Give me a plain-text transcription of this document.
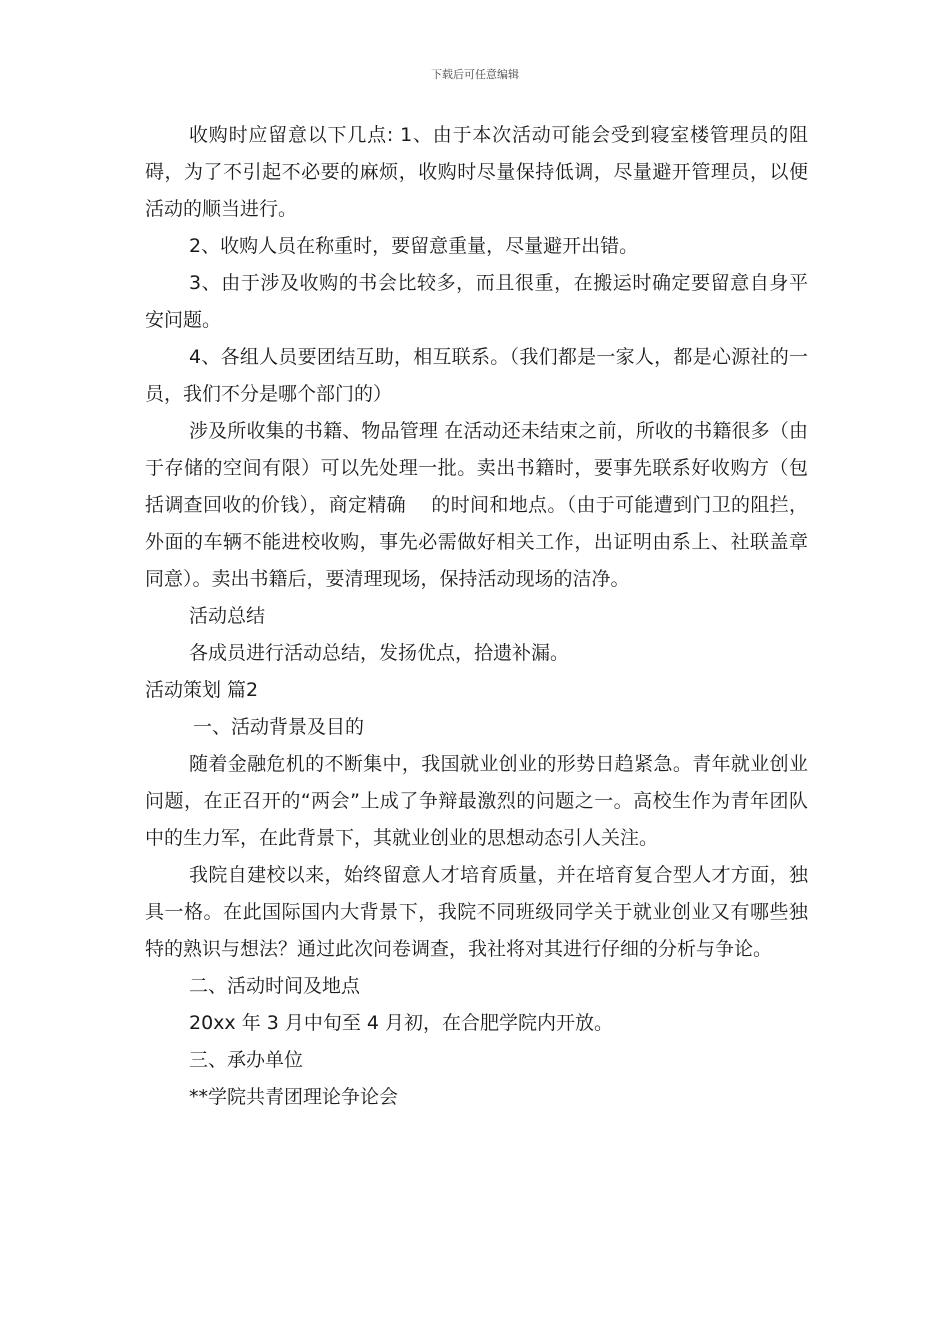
下载后可任意编辑

收购时应留意以下几点: 1、由于本次活动可能会受到寝室楼管理员的阻碍，为了不引起不必要的麻烦，收购时尽量保持低调，尽量避开管理员，以便活动的顺当进行。

2、收购人员在称重时，要留意重量，尽量避开出错。

3、由于涉及收购的书会比较多，而且很重，在搬运时确定要留意自身平安问题。

4、各组人员要团结互助，相互联系。（我们都是一家人，都是心源社的一员，我们不分是哪个部门的）

涉及所收集的书籍、物品管理 在活动还未结束之前，所收的书籍很多（由于存储的空间有限）可以先处理一批。卖出书籍时，要事先联系好收购方（包括调查回收的价钱），商定精确    的时间和地点。（由于可能遭到门卫的阻拦，外面的车辆不能进校收购，事先必需做好相关工作，出证明由系上、社联盖章同意）。卖出书籍后，要清理现场，保持活动现场的洁净。

活动总结

各成员进行活动总结，发扬优点，拾遗补漏。

活动策划 篇2

一、活动背景及目的

随着金融危机的不断集中，我国就业创业的形势日趋紧急。青年就业创业问题，在正召开的“两会”上成了争辩最激烈的问题之一。高校生作为青年团队中的生力军，在此背景下，其就业创业的思想动态引人关注。

我院自建校以来，始终留意人才培育质量，并在培育复合型人才方面，独具一格。在此国际国内大背景下，我院不同班级同学关于就业创业又有哪些独特的熟识与想法？通过此次问卷调查，我社将对其进行仔细的分析与争论。

二、活动时间及地点

20xx 年 3 月中旬至 4 月初，在合肥学院内开放。

三、承办单位

**学院共青团理论争论会
